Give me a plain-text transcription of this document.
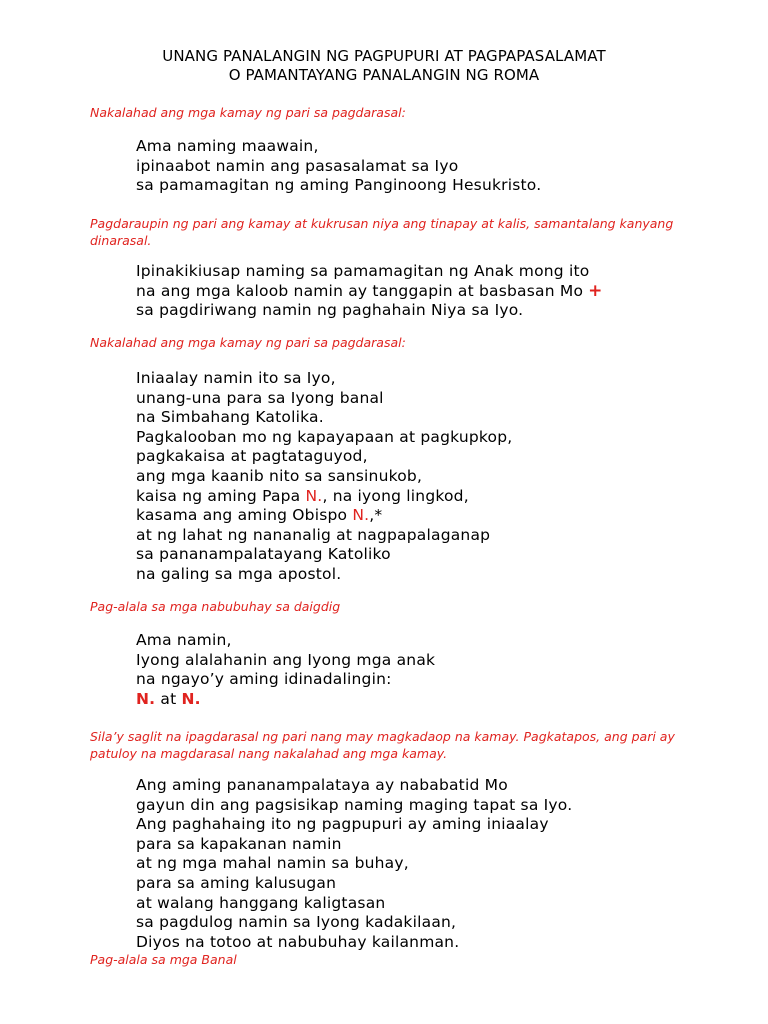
UNANG PANALANGIN NG PAGPUPURI AT PAGPAPASALAMAT
O PAMANTAYANG PANALANGIN NG ROMA
Nakalahad ang mga kamay ng pari sa pagdarasal:
Ama naming maawain,
ipinaabot namin ang pasasalamat sa Iyo
sa pamamagitan ng aming Panginoong Hesukristo.
Pagdaraupin ng pari ang kamay at kukrusan niya ang tinapay at kalis, samantalang kanyang dinarasal.
Ipinakikiusap naming sa pamamagitan ng Anak mong ito
na ang mga kaloob namin ay tanggapin at basbasan Mo +
sa pagdiriwang namin ng paghahain Niya sa Iyo.
Nakalahad ang mga kamay ng pari sa pagdarasal:
Iniaalay namin ito sa Iyo,
unang-una para sa Iyong banal
na Simbahang Katolika.
Pagkalooban mo ng kapayapaan at pagkupkop,
pagkakaisa at pagtataguyod,
ang mga kaanib nito sa sansinukob,
kaisa ng aming Papa N., na iyong lingkod,
kasama ang aming Obispo N.,*
at ng lahat ng nananalig at nagpapalaganap
sa pananampalatayang Katoliko
na galing sa mga apostol.
Pag-alala sa mga nabubuhay sa daigdig
Ama namin,
Iyong alalahanin ang Iyong mga anak
na ngayo’y aming idinadalingin:
N. at N.
Sila’y saglit na ipagdarasal ng pari nang may magkadaop na kamay. Pagkatapos, ang pari ay patuloy na magdarasal nang nakalahad ang mga kamay.
Ang aming pananampalataya ay nababatid Mo
gayun din ang pagsisikap naming maging tapat sa Iyo.
Ang paghahaing ito ng pagpupuri ay aming iniaalay
para sa kapakanan namin
at ng mga mahal namin sa buhay,
para sa aming kalusugan
at walang hanggang kaligtasan
sa pagdulog namin sa Iyong kadakilaan,
Diyos na totoo at nabubuhay kailanman.
Pag-alala sa mga Banal
